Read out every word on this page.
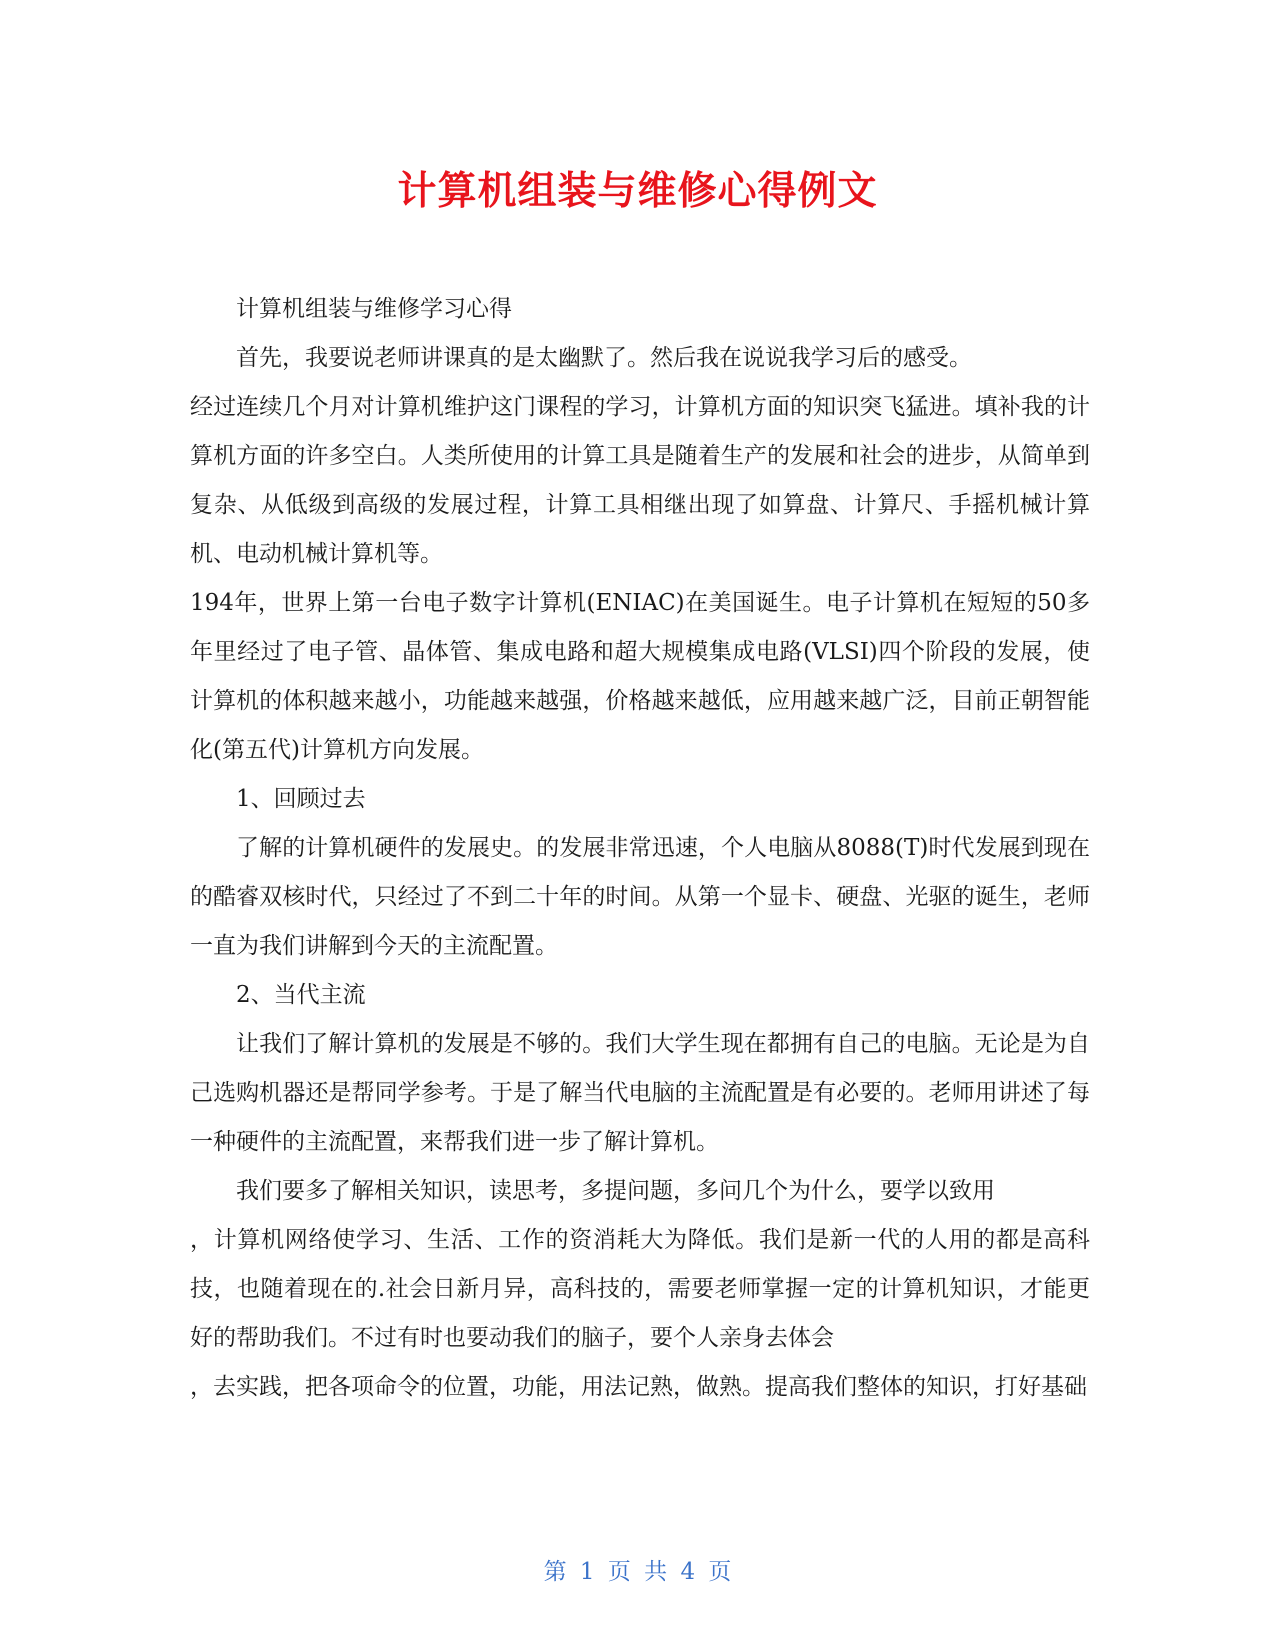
计算机组装与维修心得例文

计算机组装与维修学习心得

首先，我要说老师讲课真的是太幽默了。然后我在说说我学习后的感受。

经过连续几个月对计算机维护这门课程的学习，计算机方面的知识突飞猛进。填补我的计算机方面的许多空白。人类所使用的计算工具是随着生产的发展和社会的进步，从简单到复杂、从低级到高级的发展过程，计算工具相继出现了如算盘、计算尺、手摇机械计算机、电动机械计算机等。

194年，世界上第一台电子数字计算机(ENIAC)在美国诞生。电子计算机在短短的50多年里经过了电子管、晶体管、集成电路和超大规模集成电路(VLSI)四个阶段的发展，使计算机的体积越来越小，功能越来越强，价格越来越低，应用越来越广泛，目前正朝智能化(第五代)计算机方向发展。

1、回顾过去

了解的计算机硬件的发展史。的发展非常迅速，个人电脑从8088(T)时代发展到现在的酷睿双核时代，只经过了不到二十年的时间。从第一个显卡、硬盘、光驱的诞生，老师一直为我们讲解到今天的主流配置。

2、当代主流

让我们了解计算机的发展是不够的。我们大学生现在都拥有自己的电脑。无论是为自己选购机器还是帮同学参考。于是了解当代电脑的主流配置是有必要的。老师用讲述了每一种硬件的主流配置，来帮我们进一步了解计算机。

我们要多了解相关知识，读思考，多提问题，多问几个为什么，要学以致用

，计算机网络使学习、生活、工作的资消耗大为降低。我们是新一代的人用的都是高科技，也随着现在的.社会日新月异，高科技的，需要老师掌握一定的计算机知识，才能更好的帮助我们。不过有时也要动我们的脑子，要个人亲身去体会

，去实践，把各项命令的位置，功能，用法记熟，做熟。提高我们整体的知识，打好基础

第 1 页 共 4 页
